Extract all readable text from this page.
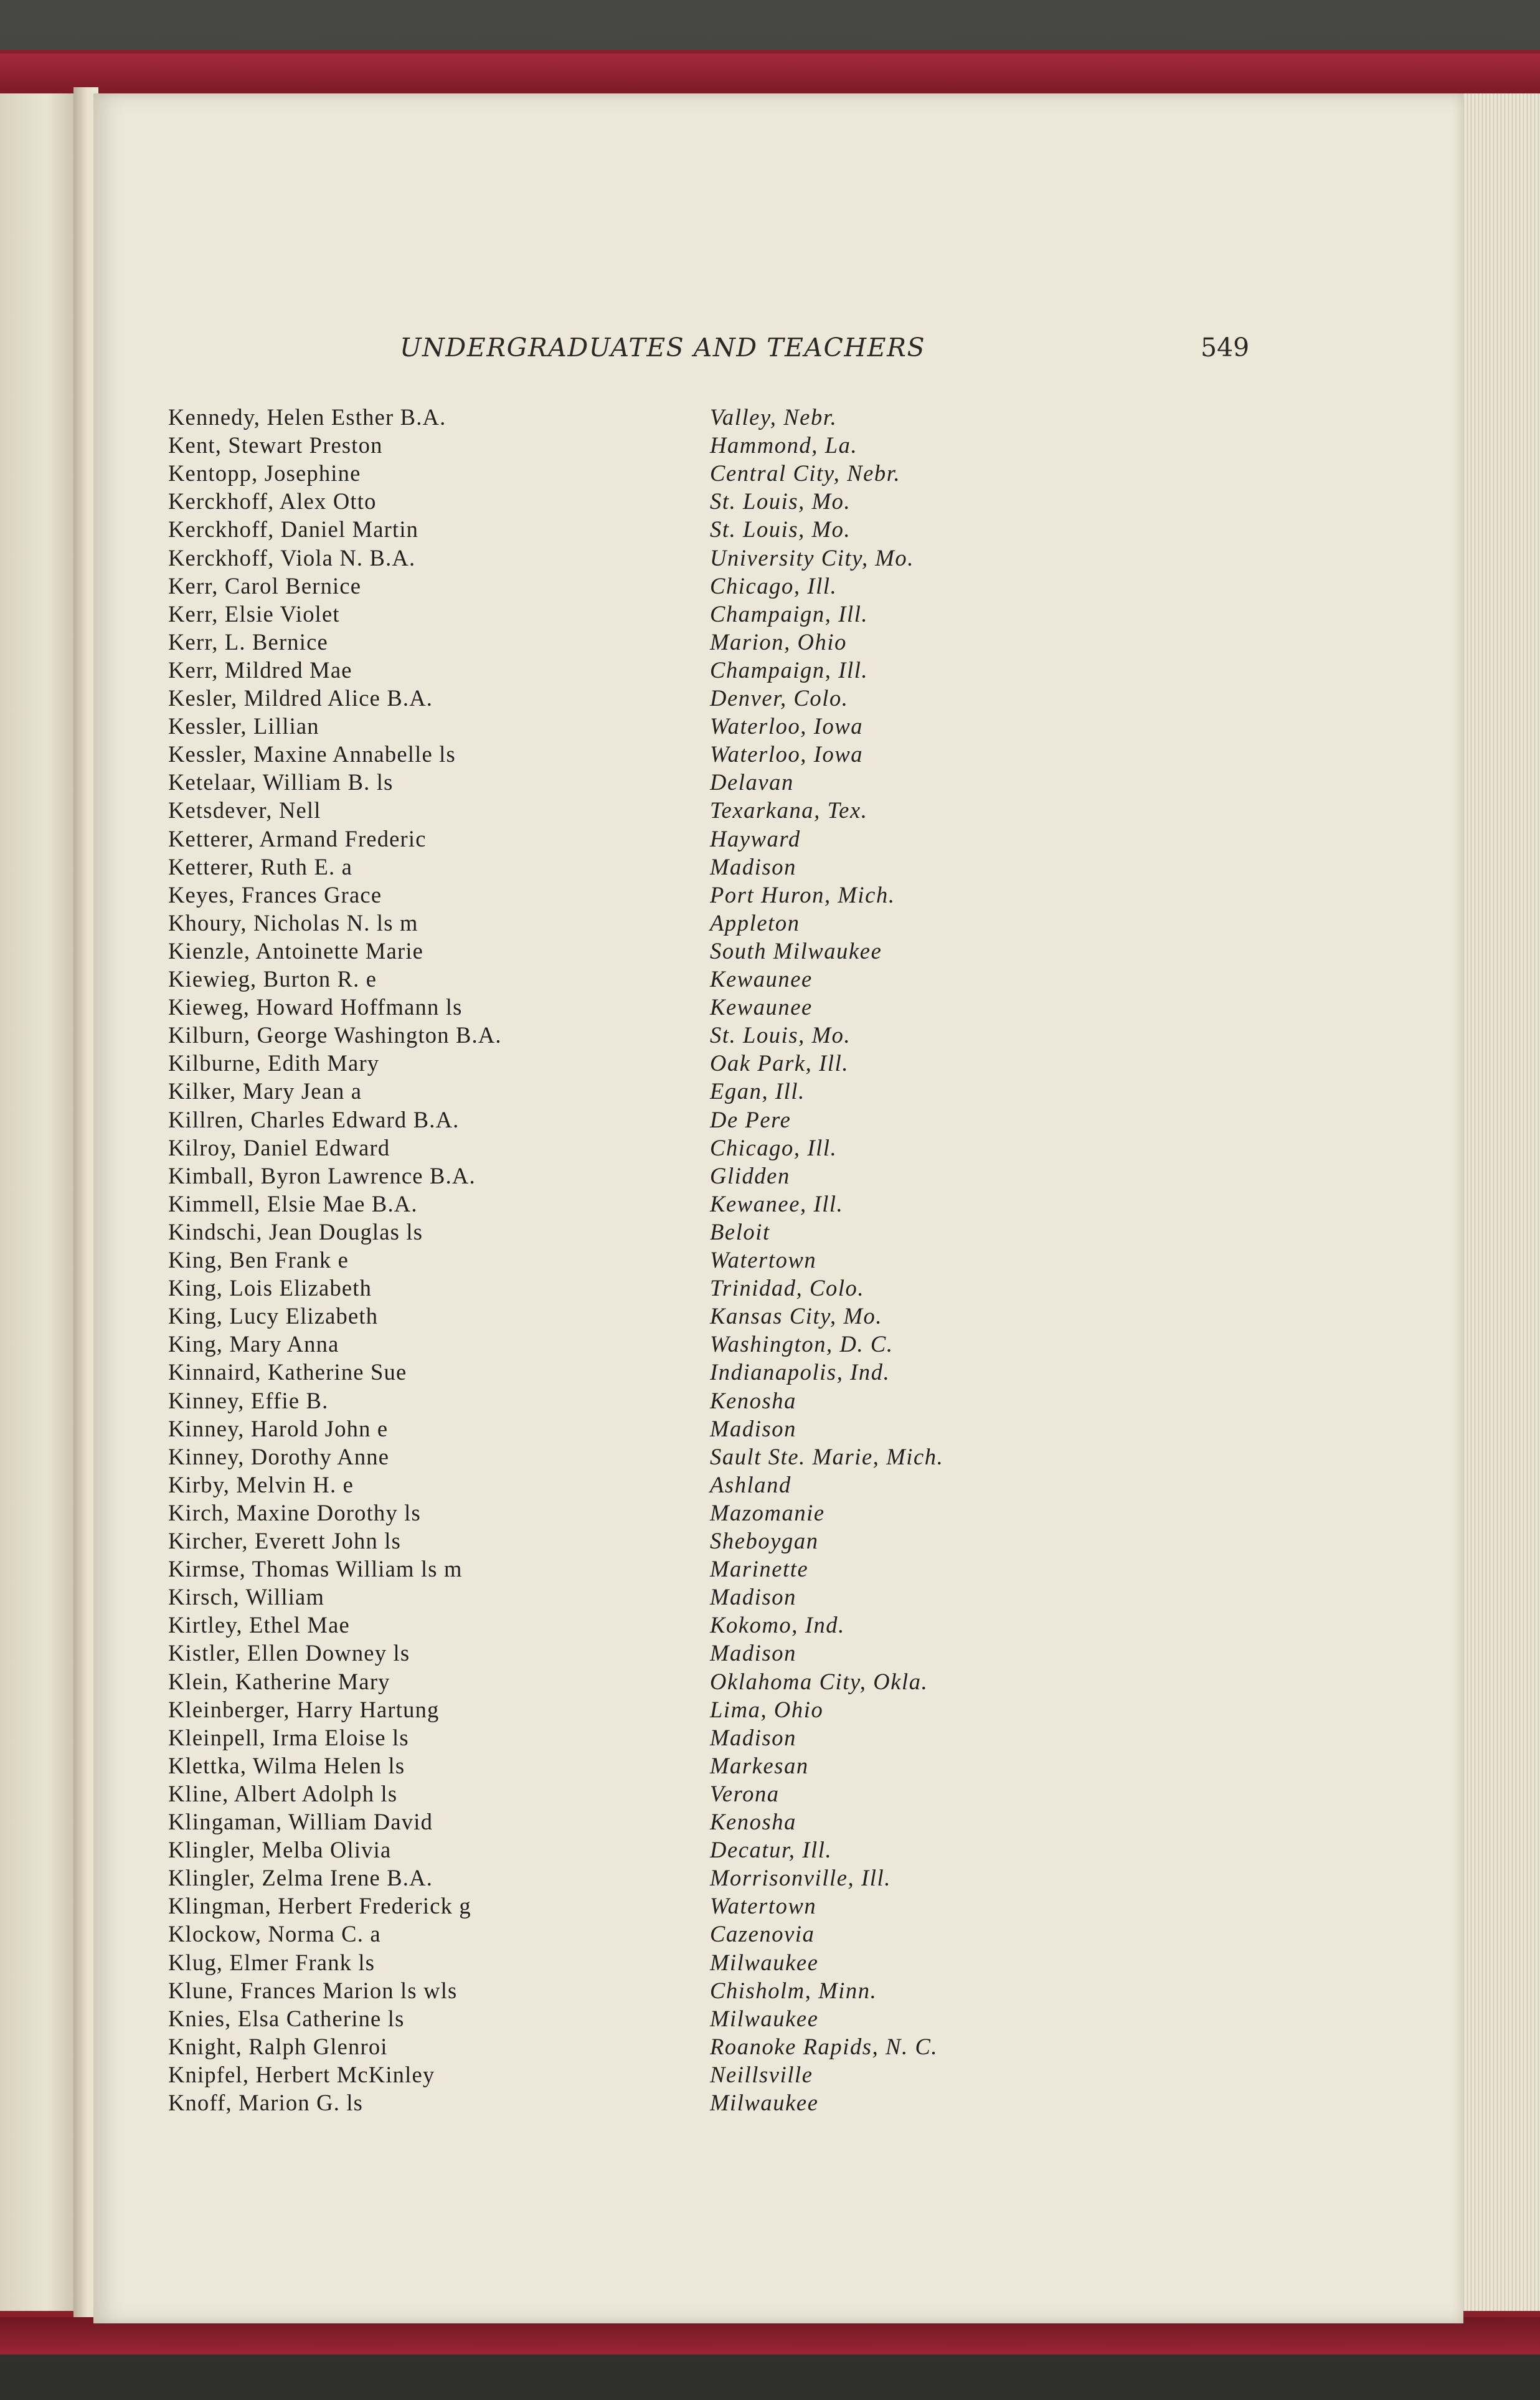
UNDERGRADUATES AND TEACHERS	549
Kennedy, Helen Esther B.A.	Valley, Nebr.
Kent, Stewart Preston	Hammond, La.
Kentopp, Josephine	Central City, Nebr.
Kerckhoff, Alex Otto	St. Louis, Mo.
Kerckhoff, Daniel Martin	St. Louis, Mo.
Kerckhoff, Viola N. B.A.	University City, Mo.
Kerr, Carol Bernice	Chicago, Ill.
Kerr, Elsie Violet	Champaign, Ill.
Kerr, L. Bernice	Marion, Ohio
Kerr, Mildred Mae	Champaign, Ill.
Kesler, Mildred Alice B.A.	Denver, Colo.
Kessler, Lillian	Waterloo, Iowa
Kessler, Maxine Annabelle ls	Waterloo, Iowa
Ketelaar, William B. ls	Delavan
Ketsdever, Nell	Texarkana, Tex.
Ketterer, Armand Frederic	Hayward
Ketterer, Ruth E. a	Madison
Keyes, Frances Grace	Port Huron, Mich.
Khoury, Nicholas N. ls m	Appleton
Kienzle, Antoinette Marie	South Milwaukee
Kiewieg, Burton R. e	Kewaunee
Kieweg, Howard Hoffmann ls	Kewaunee
Kilburn, George Washington B.A.	St. Louis, Mo.
Kilburne, Edith Mary	Oak Park, Ill.
Kilker, Mary Jean a	Egan, Ill.
Killren, Charles Edward B.A.	De Pere
Kilroy, Daniel Edward	Chicago, Ill.
Kimball, Byron Lawrence B.A.	Glidden
Kimmell, Elsie Mae B.A.	Kewanee, Ill.
Kindschi, Jean Douglas ls	Beloit
King, Ben Frank e	Watertown
King, Lois Elizabeth	Trinidad, Colo.
King, Lucy Elizabeth	Kansas City, Mo.
King, Mary Anna	Washington, D. C.
Kinnaird, Katherine Sue	Indianapolis, Ind.
Kinney, Effie B.	Kenosha
Kinney, Harold John e	Madison
Kinney, Dorothy Anne	Sault Ste. Marie, Mich.
Kirby, Melvin H. e	Ashland
Kirch, Maxine Dorothy ls	Mazomanie
Kircher, Everett John ls	Sheboygan
Kirmse, Thomas William ls m	Marinette
Kirsch, William	Madison
Kirtley, Ethel Mae	Kokomo, Ind.
Kistler, Ellen Downey ls	Madison
Klein, Katherine Mary	Oklahoma City, Okla.
Kleinberger, Harry Hartung	Lima, Ohio
Kleinpell, Irma Eloise ls	Madison
Klettka, Wilma Helen ls	Markesan
Kline, Albert Adolph ls	Verona
Klingaman, William David	Kenosha
Klingler, Melba Olivia	Decatur, Ill.
Klingler, Zelma Irene B.A.	Morrisonville, Ill.
Klingman, Herbert Frederick g	Watertown
Klockow, Norma C. a	Cazenovia
Klug, Elmer Frank ls	Milwaukee
Klune, Frances Marion ls wls	Chisholm, Minn.
Knies, Elsa Catherine ls	Milwaukee
Knight, Ralph Glenroi	Roanoke Rapids, N. C.
Knipfel, Herbert McKinley	Neillsville
Knoff, Marion G. ls	Milwaukee
